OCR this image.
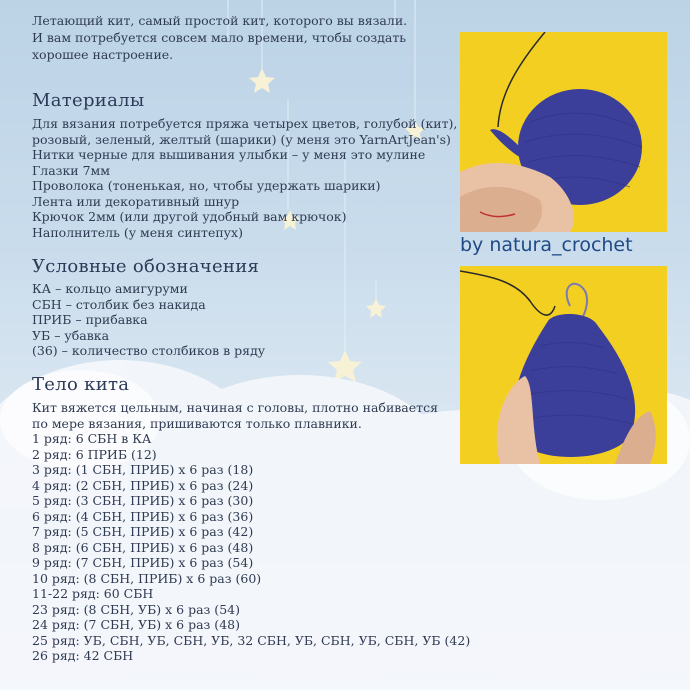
Летающий кит, самый простой кит, которого вы вязали.
И вам потребуется совсем мало времени, чтобы создать
хорошее настроение.
Материалы
Для вязания потребуется пряжа четырех цветов, голубой (кит),
розовый, зеленый, желтый (шарики) (у меня это YarnArtJean's)
Нитки черные для вышивания улыбки – у меня это мулине
Глазки 7мм
Проволока (тоненькая, но, чтобы удержать шарики)
Лента или декоративный шнур
Крючок 2мм (или другой удобный вам крючок)
Наполнитель (у меня синтепух)
Условные обозначения
КА – кольцо амигуруми
СБН – столбик без накида
ПРИБ – прибавка
УБ – убавка
(36) – количество столбиков в ряду
Тело кита
Кит вяжется цельным, начиная с головы, плотно набивается
по мере вязания, пришиваются только плавники.
1 ряд: 6 СБН в КА
2 ряд: 6 ПРИБ (12)
3 ряд: (1 СБН, ПРИБ) х 6 раз (18)
4 ряд: (2 СБН, ПРИБ) х 6 раз (24)
5 ряд: (3 СБН, ПРИБ) х 6 раз (30)
6 ряд: (4 СБН, ПРИБ) х 6 раз (36)
7 ряд: (5 СБН, ПРИБ) х 6 раз (42)
8 ряд: (6 СБН, ПРИБ) х 6 раз (48)
9 ряд: (7 СБН, ПРИБ) х 6 раз (54)
10 ряд: (8 СБН, ПРИБ) х 6 раз (60)
11-22 ряд: 60 СБН
23 ряд: (8 СБН, УБ) х 6 раз (54)
24 ряд: (7 СБН, УБ) х 6 раз (48)
25 ряд: УБ, СБН, УБ, СБН, УБ, 32 СБН, УБ, СБН, УБ, СБН, УБ (42)
26 ряд: 42 СБН
by natura_crochet
